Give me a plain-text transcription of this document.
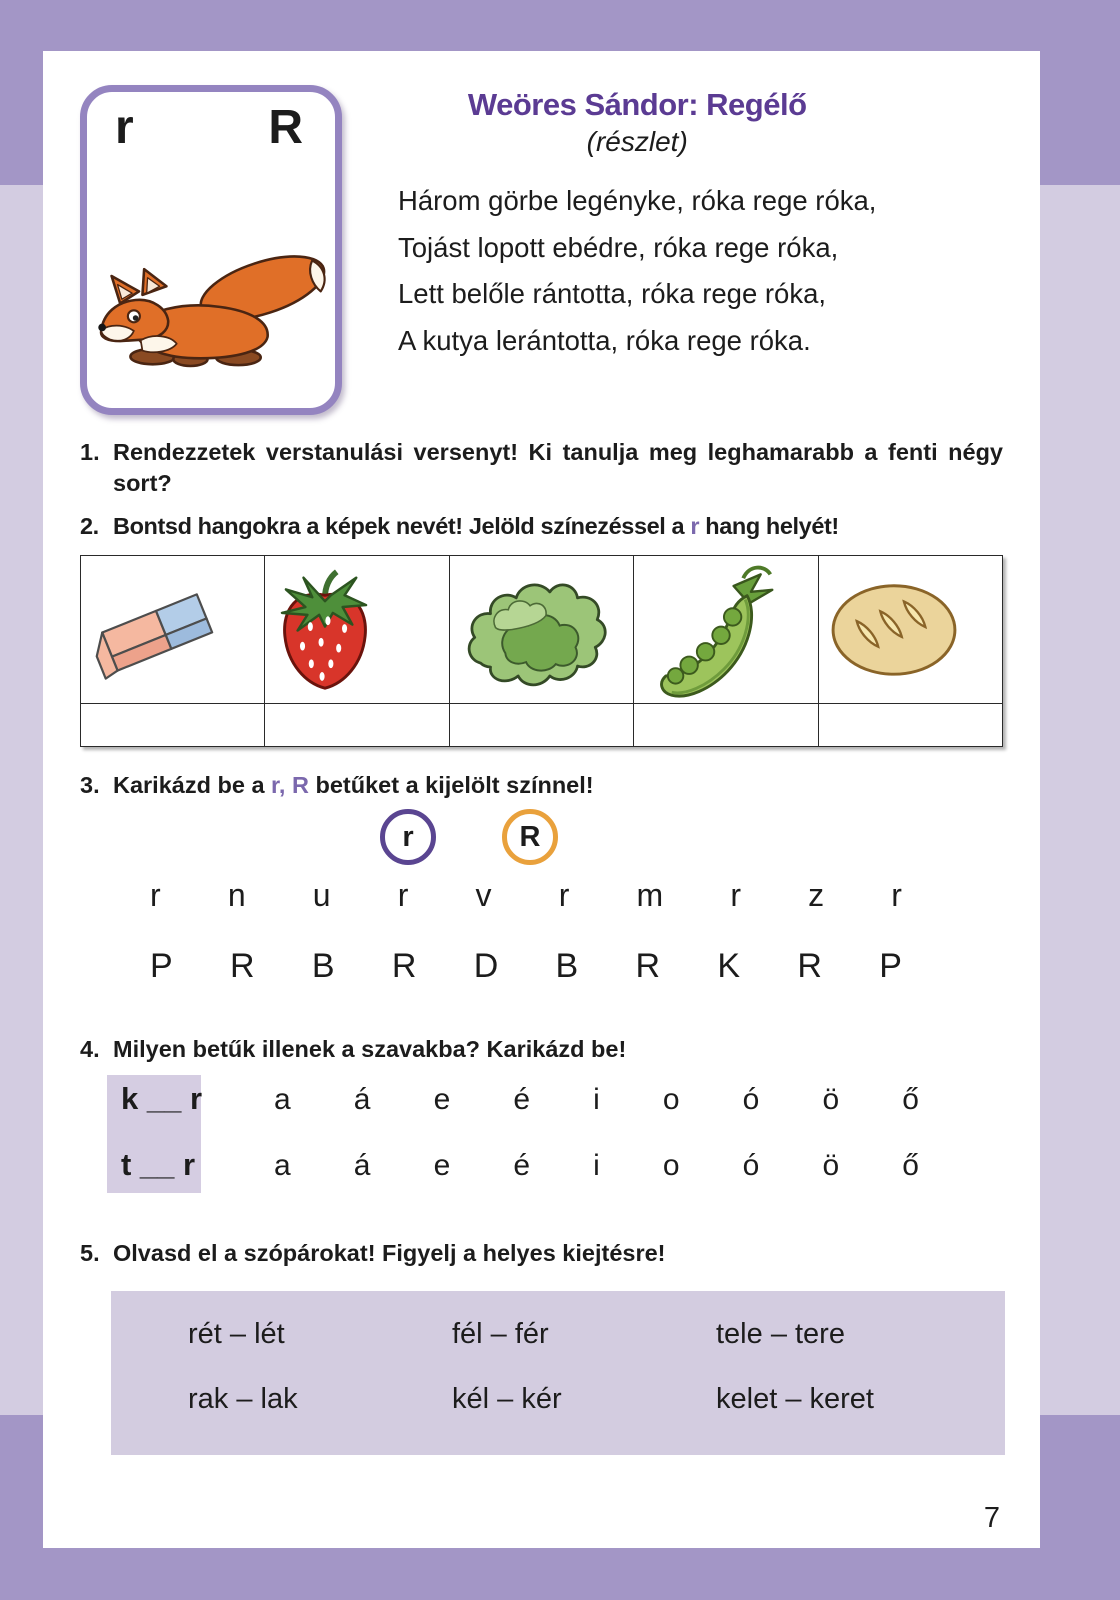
r	R	Weöres Sándor: Regélő
(részlet)
Három görbe legényke, róka rege róka,
Tojást lopott ebédre, róka rege róka,
Lett belőle rántotta, róka rege róka,
A kutya lerántotta, róka rege róka.
1. Rendezzetek verstanulási versenyt! Ki tanulja meg leghamarabb a fenti négy sort?
2. Bontsd hangokra a képek nevét! Jelöld színezéssel a r hang helyét!

3. Karikázd be a r, R betűket a kijelölt színnel!
r	R
r n u r v r m r z r
P R B R D B R K R P
4. Milyen betűk illenek a szavakba? Karikázd be!
k __ r	a á e é i o ó ö ő
t __ r	a á e é i o ó ö ő
5. Olvasd el a szópárokat! Figyelj a helyes kiejtésre!
rét – lét	fél – fér	tele – tere
rak – lak	kél – kér	kelet – keret
7
